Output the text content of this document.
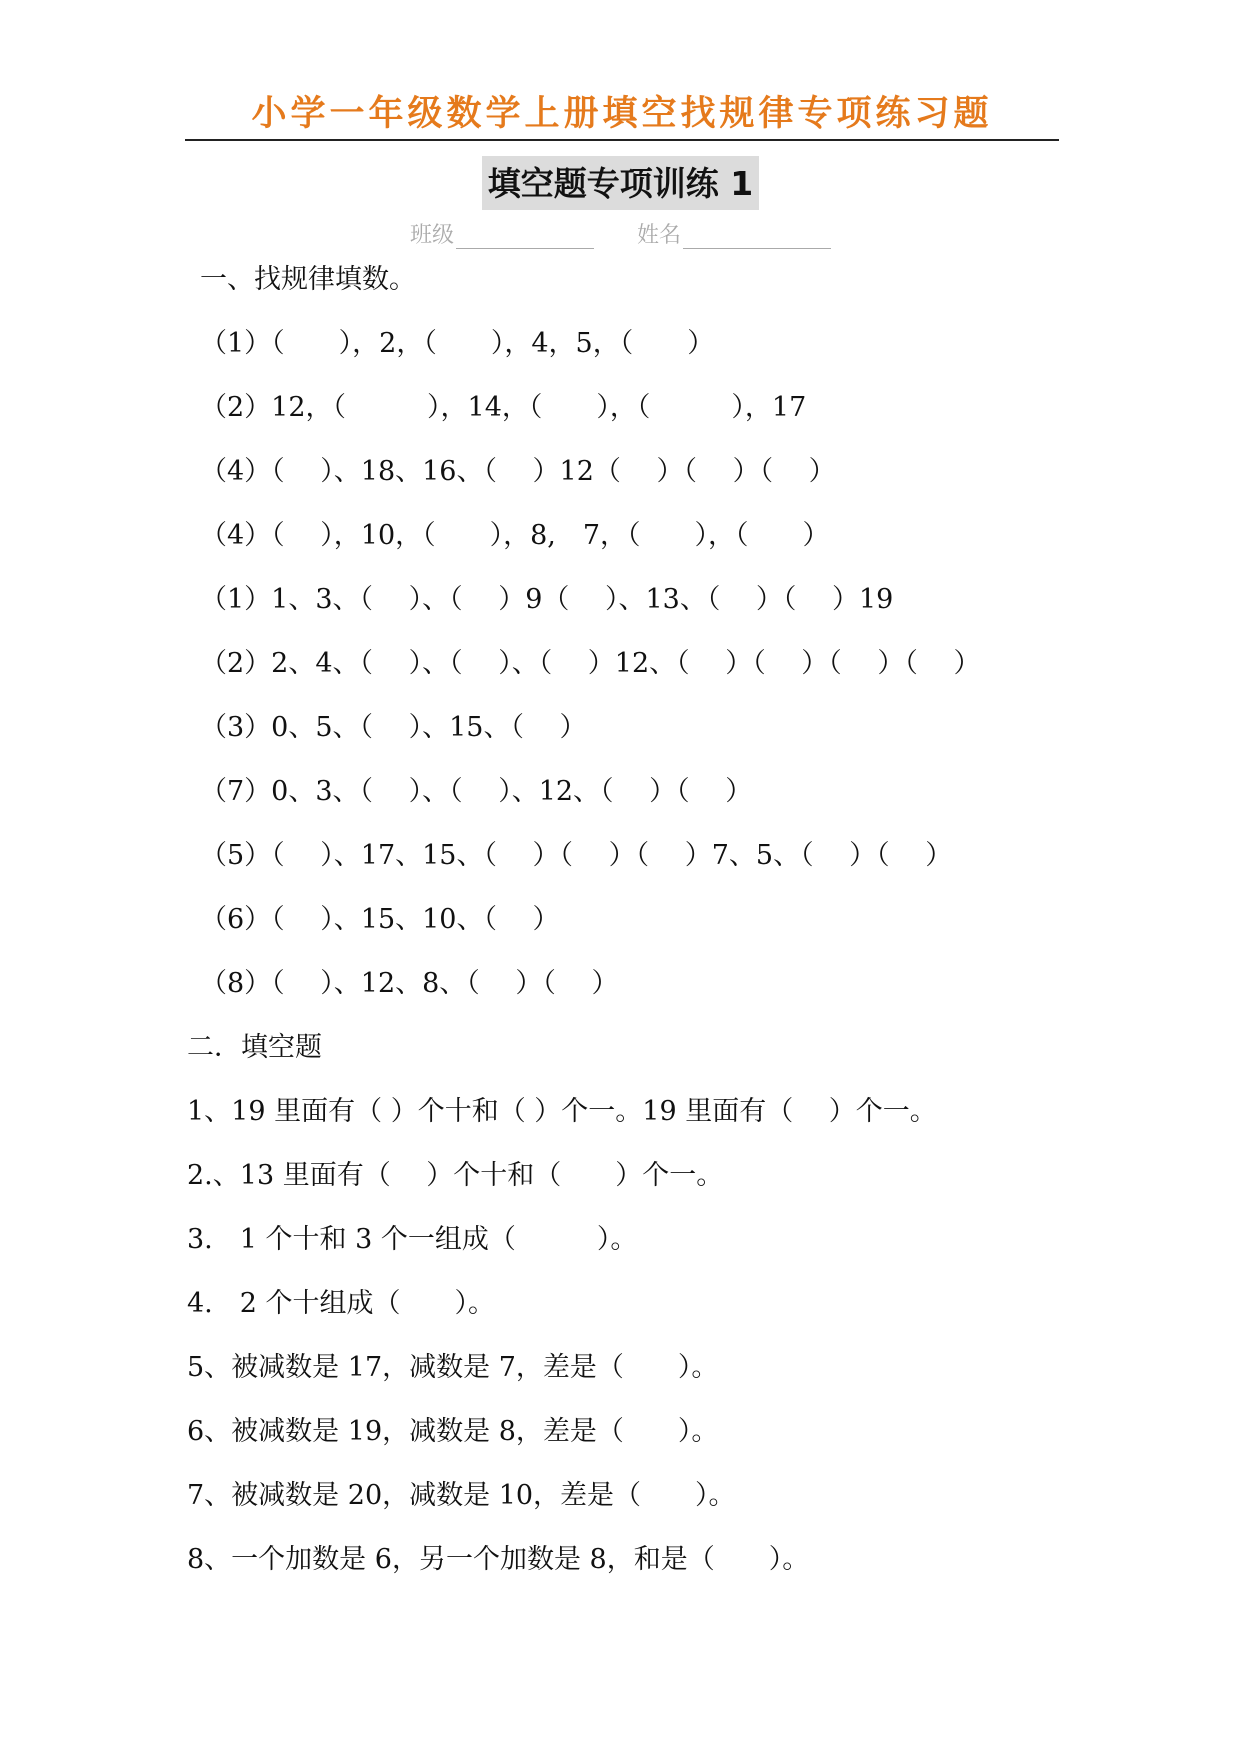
小学一年级数学上册填空找规律专项练习题
填空题专项训练 1
班级	姓名
一、找规律填数。
（1）（　　），2，（　　），4，5，（　　）
（2）12，（　　　），14，（　　），（　　　），17
（4）（　 ）、18、16、（　 ）12（　 ）（　 ）（　 ）
（4）（　 ），10，（　　），8,　7，（　　），（　　）
（1）1、3、（　 ）、（　 ）9（　 ）、13、（　 ）（　 ）19
（2）2、4、（　 ）、（　 ）、（　 ）12、（　 ）（　 ）（　 ）（　 ）
（3）0、5、（　 ）、15、（　 ）
（7）0、3、（　 ）、（　 ）、12、（　 ）（　 ）
（5）（　 ）、17、15、（　 ）（　 ）（　 ）7、5、（　 ）（　 ）
（6）（　 ）、15、10、（　 ）
（8）（　 ）、12、8、（　 ）（　 ）
二．填空题
1、19 里面有（ ）个十和（ ）个一。19 里面有（　 ）个一。
2.、13 里面有（　 ）个十和（　　）个一。
3.　1 个十和 3 个一组成（　　　）。
4.　2 个十组成（　　）。
5、被减数是 17，减数是 7，差是（　　）。
6、被减数是 19，减数是 8，差是（　　）。
7、被减数是 20，减数是 10，差是（　　）。
8、一个加数是 6，另一个加数是 8，和是（　　）。
